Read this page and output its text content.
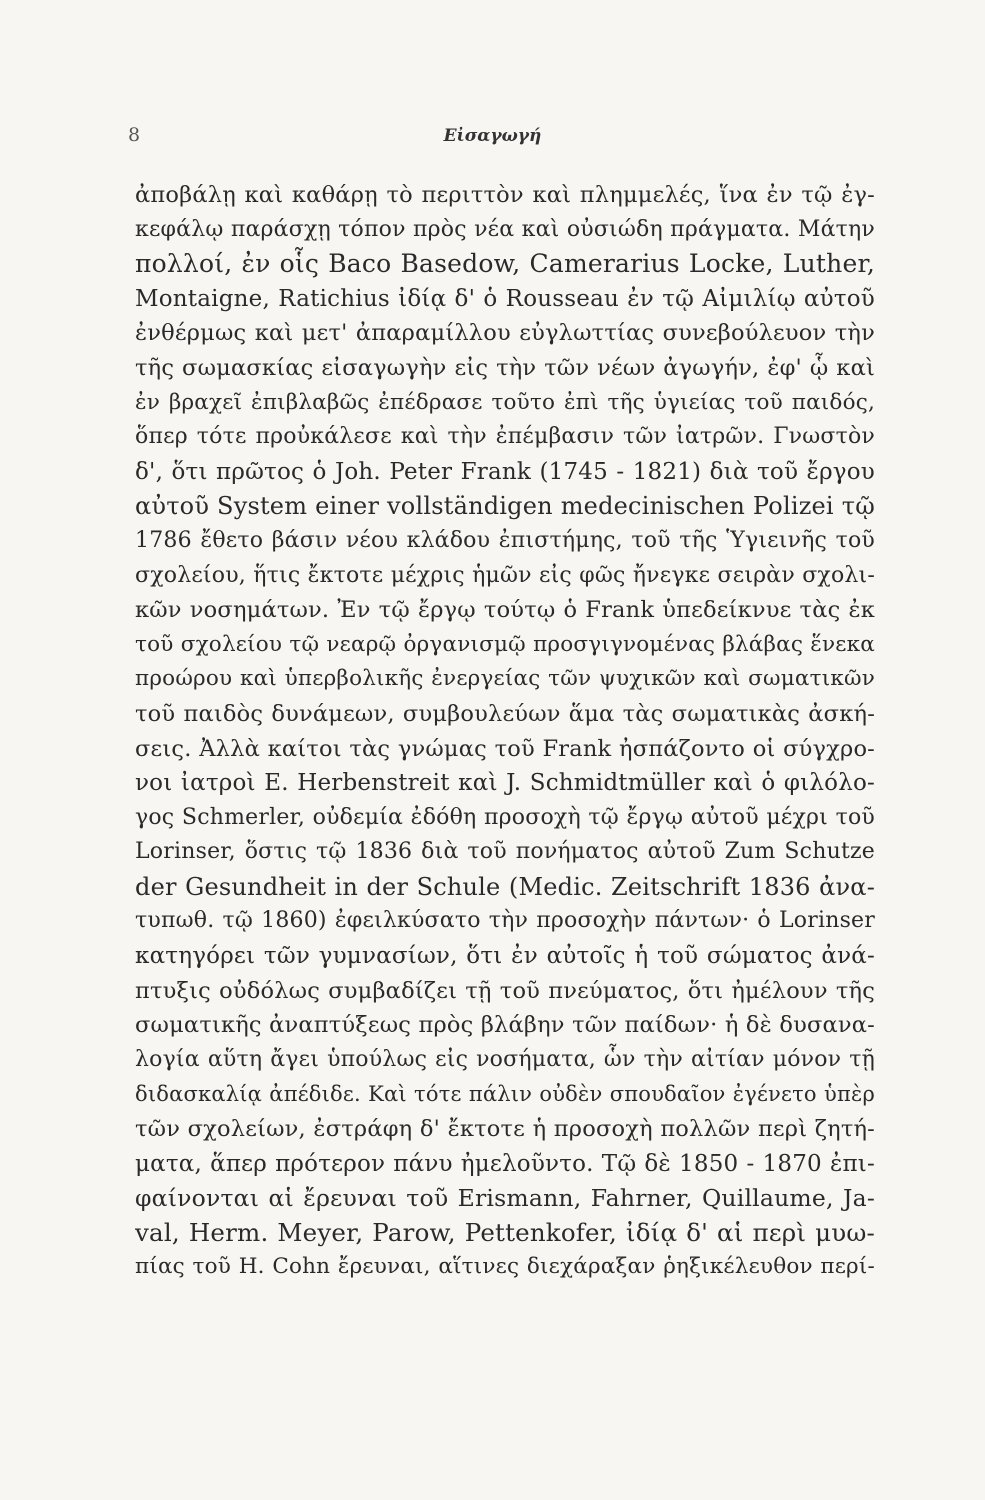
8	Εἰσαγωγή
ἀποβάλῃ καὶ καθάρῃ τὸ περιττὸν καὶ πλημμελές, ἵνα ἐν τῷ ἐγ-
κεφάλῳ παράσχῃ τόπον πρὸς νέα καὶ οὐσιώδη πράγματα. Μάτην
πολλοί, ἐν οἷς Baco Basedow, Camerarius Locke, Luther,
Montaigne, Ratichius ἰδίᾳ δ' ὁ Rousseau ἐν τῷ Αἰμιλίῳ αὐτοῦ
ἐνθέρμως καὶ μετ' ἀπαραμίλλου εὐγλωττίας συνεβούλευον τὴν
τῆς σωμασκίας εἰσαγωγὴν εἰς τὴν τῶν νέων ἀγωγήν, ἐφ' ᾧ καὶ
ἐν βραχεῖ ἐπιβλαβῶς ἐπέδρασε τοῦτο ἐπὶ τῆς ὑγιείας τοῦ παιδός,
ὅπερ τότε προὐκάλεσε καὶ τὴν ἐπέμβασιν τῶν ἰατρῶν. Γνωστὸν
δ', ὅτι πρῶτος ὁ Joh. Peter Frank (1745 - 1821) διὰ τοῦ ἔργου
αὐτοῦ System einer vollständigen medecinischen Polizei τῷ
1786 ἔθετο βάσιν νέου κλάδου ἐπιστήμης, τοῦ τῆς Ὑγιεινῆς τοῦ
σχολείου, ἥτις ἔκτοτε μέχρις ἡμῶν εἰς φῶς ἤνεγκε σειρὰν σχολι-
κῶν νοσημάτων. Ἐν τῷ ἔργῳ τούτῳ ὁ Frank ὑπεδείκνυε τὰς ἐκ
τοῦ σχολείου τῷ νεαρῷ ὀργανισμῷ προσγιγνομένας βλάβας ἕνεκα
προώρου καὶ ὑπερβολικῆς ἐνεργείας τῶν ψυχικῶν καὶ σωματικῶν
τοῦ παιδὸς δυνάμεων, συμβουλεύων ἅμα τὰς σωματικὰς ἀσκή-
σεις. Ἀλλὰ καίτοι τὰς γνώμας τοῦ Frank ἠσπάζοντο οἱ σύγχρο-
νοι ἰατροὶ E. Herbenstreit καὶ J. Schmidtmüller καὶ ὁ φιλόλο-
γος Schmerler, οὐδεμία ἐδόθη προσοχὴ τῷ ἔργῳ αὐτοῦ μέχρι τοῦ
Lorinser, ὅστις τῷ 1836 διὰ τοῦ πονήματος αὐτοῦ Zum Schutze
der Gesundheit in der Schule (Medic. Zeitschrift 1836 ἀνα-
τυπωθ. τῷ 1860) ἐφειλκύσατο τὴν προσοχὴν πάντων· ὁ Lorinser
κατηγόρει τῶν γυμνασίων, ὅτι ἐν αὐτοῖς ἡ τοῦ σώματος ἀνά-
πτυξις οὐδόλως συμβαδίζει τῇ τοῦ πνεύματος, ὅτι ἠμέλουν τῆς
σωματικῆς ἀναπτύξεως πρὸς βλάβην τῶν παίδων· ἡ δὲ δυσανα-
λογία αὕτη ἄγει ὑπούλως εἰς νοσήματα, ὧν τὴν αἰτίαν μόνον τῇ
διδασκαλίᾳ ἀπέδιδε. Καὶ τότε πάλιν οὐδὲν σπουδαῖον ἐγένετο ὑπὲρ
τῶν σχολείων, ἐστράφη δ' ἔκτοτε ἡ προσοχὴ πολλῶν περὶ ζητή-
ματα, ἅπερ πρότερον πάνυ ἠμελοῦντο. Τῷ δὲ 1850 - 1870 ἐπι-
φαίνονται αἱ ἔρευναι τοῦ Erismann, Fahrner, Quillaume, Ja-
val, Herm. Meyer, Parow, Pettenkofer, ἰδίᾳ δ' αἱ περὶ μυω-
πίας τοῦ H. Cohn ἔρευναι, αἵτινες διεχάραξαν ῥηξικέλευθον περί-
